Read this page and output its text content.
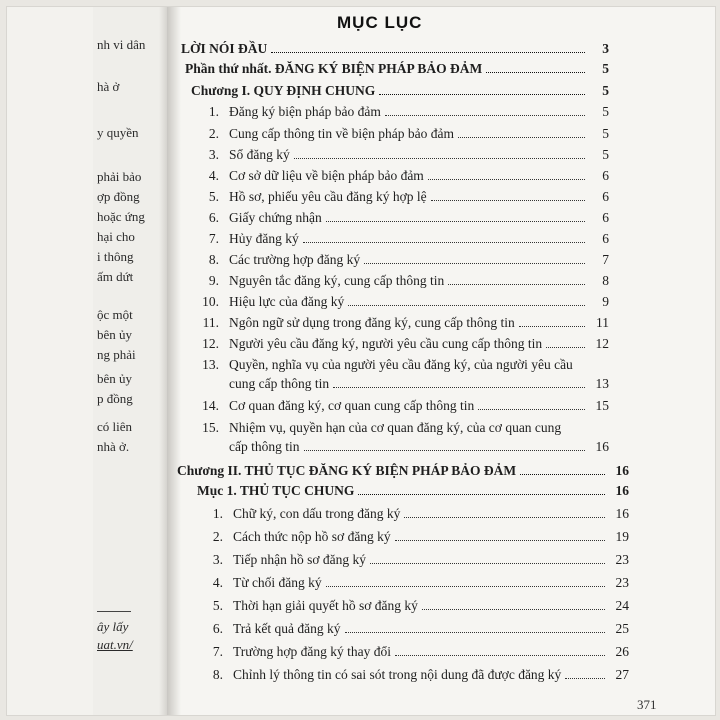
nh vi dân
hà ở
y quyền
phải bảo
ợp đồng
hoặc ứng
hại cho
i thông
ấm dứt
ộc một
bên ủy
ng phải
bên ủy
p đồng
có liên
nhà ở.
ây lấy
uat.vn/
MỤC LỤC
LỜI NÓI ĐẦU	3
Phần thứ nhất. ĐĂNG KÝ BIỆN PHÁP BẢO ĐẢM	5
Chương I. QUY ĐỊNH CHUNG	5
1. Đăng ký biện pháp bảo đảm	5
2. Cung cấp thông tin về biện pháp bảo đảm	5
3. Sổ đăng ký	5
4. Cơ sở dữ liệu về biện pháp bảo đảm	6
5. Hồ sơ, phiếu yêu cầu đăng ký hợp lệ	6
6. Giấy chứng nhận	6
7. Hủy đăng ký	6
8. Các trường hợp đăng ký	7
9. Nguyên tắc đăng ký, cung cấp thông tin	8
10. Hiệu lực của đăng ký	9
11. Ngôn ngữ sử dụng trong đăng ký, cung cấp thông tin	11
12. Người yêu cầu đăng ký, người yêu cầu cung cấp thông tin	12
13. Quyền, nghĩa vụ của người yêu cầu đăng ký, của người yêu cầu
cung cấp thông tin	13
14. Cơ quan đăng ký, cơ quan cung cấp thông tin	15
15. Nhiệm vụ, quyền hạn của cơ quan đăng ký, của cơ quan cung
cấp thông tin	16
Chương II. THỦ TỤC ĐĂNG KÝ BIỆN PHÁP BẢO ĐẢM	16
Mục 1. THỦ TỤC CHUNG	16
1. Chữ ký, con dấu trong đăng ký	16
2. Cách thức nộp hồ sơ đăng ký	19
3. Tiếp nhận hồ sơ đăng ký	23
4. Từ chối đăng ký	23
5. Thời hạn giải quyết hồ sơ đăng ký	24
6. Trả kết quả đăng ký	25
7. Trường hợp đăng ký thay đổi	26
8. Chỉnh lý thông tin có sai sót trong nội dung đã được đăng ký	27
371
